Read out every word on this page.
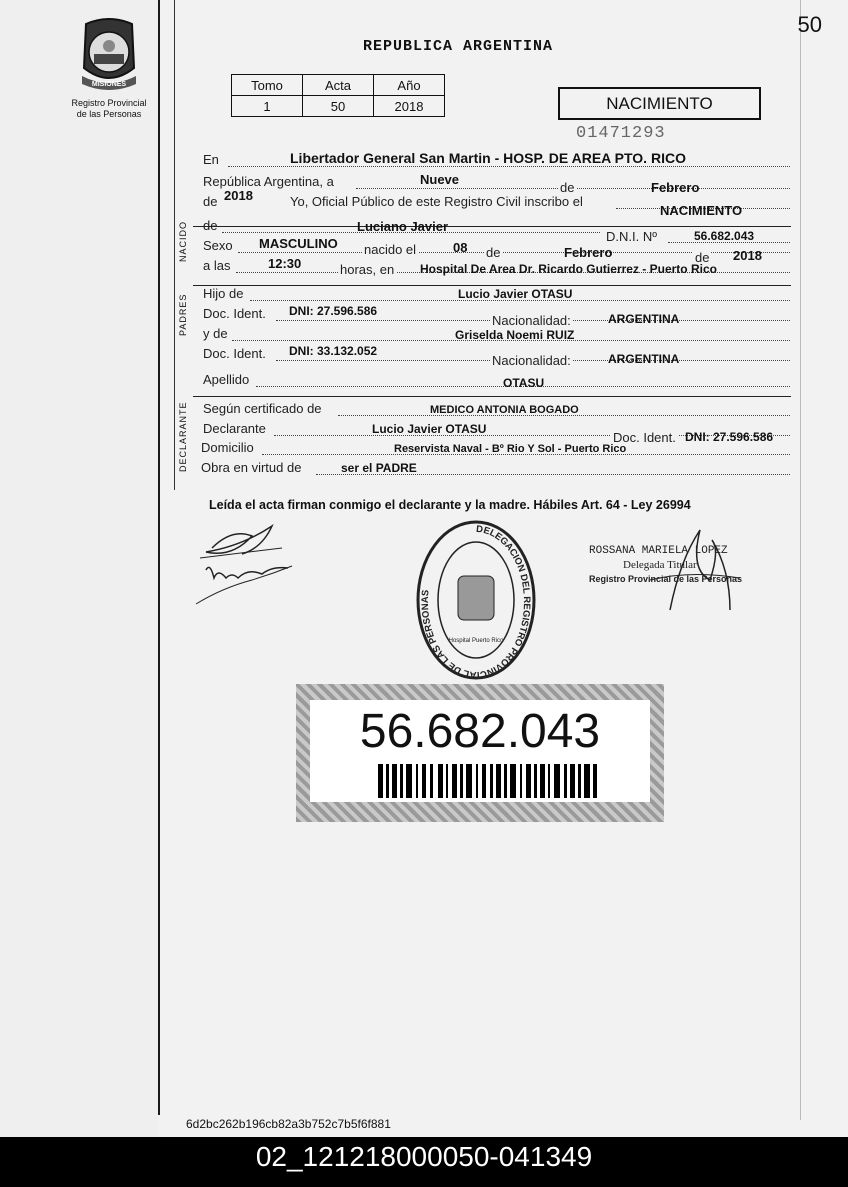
50
MISIONES
Registro Provincial
de las Personas
REPUBLICA ARGENTINA
Tomo	Acta	Año
1	50	2018	NACIMIENTO
01471293
NACIDO
PADRES
DECLARANTE
En	Libertador General San Martin - HOSP. DE AREA PTO. RICO
República Argentina, a	Nueve
de	Febrero
de 2018	Yo, Oficial Público de este Registro Civil inscribo el
NACIMIENTO
de	Luciano Javier
D.N.I. Nº	56.682.043
Sexo MASCULINO nacido el	08 de	Febrero	de 2018
a las	12:30	horas, en Hospital De Area Dr. Ricardo Gutierrez - Puerto Rico
Hijo de	Lucio Javier OTASU
Doc. Ident. DNI: 27.596.586
Nacionalidad:	ARGENTINA
y de	Griselda Noemi RUIZ
Doc. Ident. DNI: 33.132.052
Nacionalidad:	ARGENTINA
Apellido	OTASU
Según certificado de	MEDICO ANTONIA BOGADO
Declarante	Lucio Javier OTASU
Doc. Ident. DNI: 27.596.586
Domicilio	Reservista Naval - Bº Rio Y Sol - Puerto Rico
Obra en virtud de	ser el PADRE
Leída el acta firman conmigo el declarante y la madre. Hábiles Art. 64 - Ley 26994
DELEGACION DEL REGISTRO PROVINCIAL DE LAS PERSONAS
Hospital Puerto Rico
ROSSANA MARIELA LOPEZ
Delegada Titular
Registro Provincial de las Personas
56.682.043
6d2bc262b196cb82a3b752c7b5f6f881
02_121218000050-041349
